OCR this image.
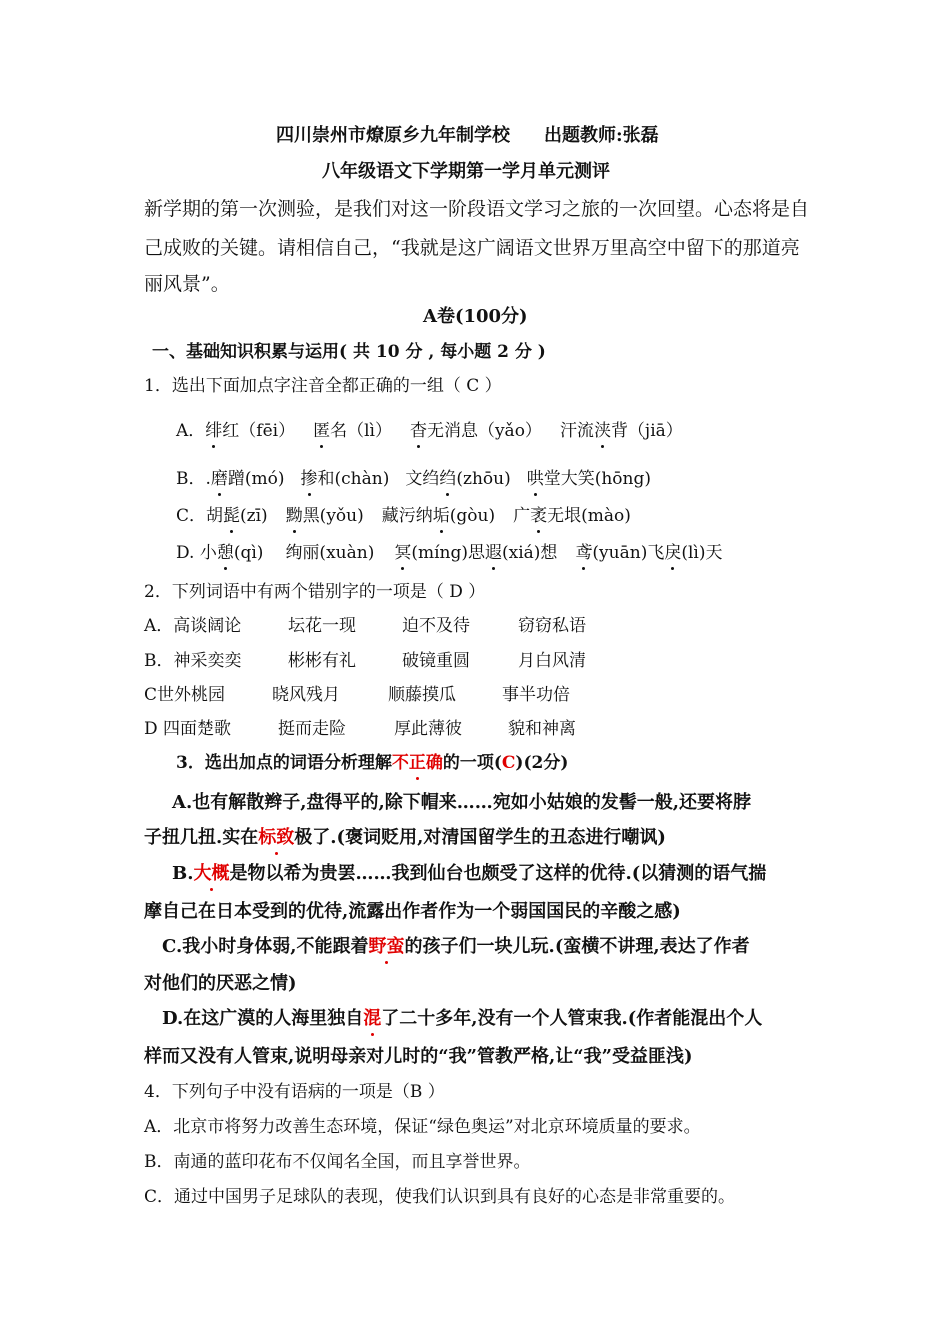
四川崇州市燎原乡九年制学校 出题教师:张磊
八年级语文下学期第一学月单元测评
新学期的第一次测验，是我们对这一阶段语文学习之旅的一次回望。心态将是自
己成败的关键。请相信自己，“我就是这广阔语文世界万里高空中留下的那道亮
丽风景”。
A卷(100分)
一、基础知识积累与运用( 共 10 分 , 每小题 2 分 )
1．选出下面加点字注音全都正确的一组（ C ）
A．绯红（fēi） 匿名（lì） 杳无消息（yǎo） 汗流浃背（jiā）
B．.磨蹭(mó) 掺和(chàn) 文绉绉(zhōu) 哄堂大笑(hōng)
C．胡髭(zī) 黝黑(yǒu) 藏污纳垢(gòu) 广袤无垠(mào)
D. 小憩(qì) 绚丽(xuàn) 冥(míng)思遐(xiá)想 鸢(yuān)飞戾(lì)天
2．下列词语中有两个错别字的一项是（ D ）
A．高谈阔论	坛花一现	迫不及待	窃窃私语
B．神采奕奕	彬彬有礼	破镜重圆	月白风清
C世外桃园	晓风残月	顺藤摸瓜	事半功倍
D 四面楚歌	挺而走险	厚此薄彼	貌和神离
3．选出加点的词语分析理解不正确的一项(C)(2分)
A.也有解散辫子,盘得平的,除下帽来……宛如小姑娘的发髻一般,还要将脖
子扭几扭.实在标致极了.(褒词贬用,对清国留学生的丑态进行嘲讽)
B.大概是物以希为贵罢……我到仙台也颇受了这样的优待.(以猜测的语气揣
摩自己在日本受到的优待,流露出作者作为一个弱国国民的辛酸之感)
C.我小时身体弱,不能跟着野蛮的孩子们一块儿玩.(蛮横不讲理,表达了作者
对他们的厌恶之情)
D.在这广漠的人海里独自混了二十多年,没有一个人管束我.(作者能混出个人
样而又没有人管束,说明母亲对儿时的“我”管教严格,让“我”受益匪浅)
4．下列句子中没有语病的一项是（B ）
A．北京市将努力改善生态环境，保证“绿色奥运”对北京环境质量的要求。
B．南通的蓝印花布不仅闻名全国，而且享誉世界。
C．通过中国男子足球队的表现，使我们认识到具有良好的心态是非常重要的。
